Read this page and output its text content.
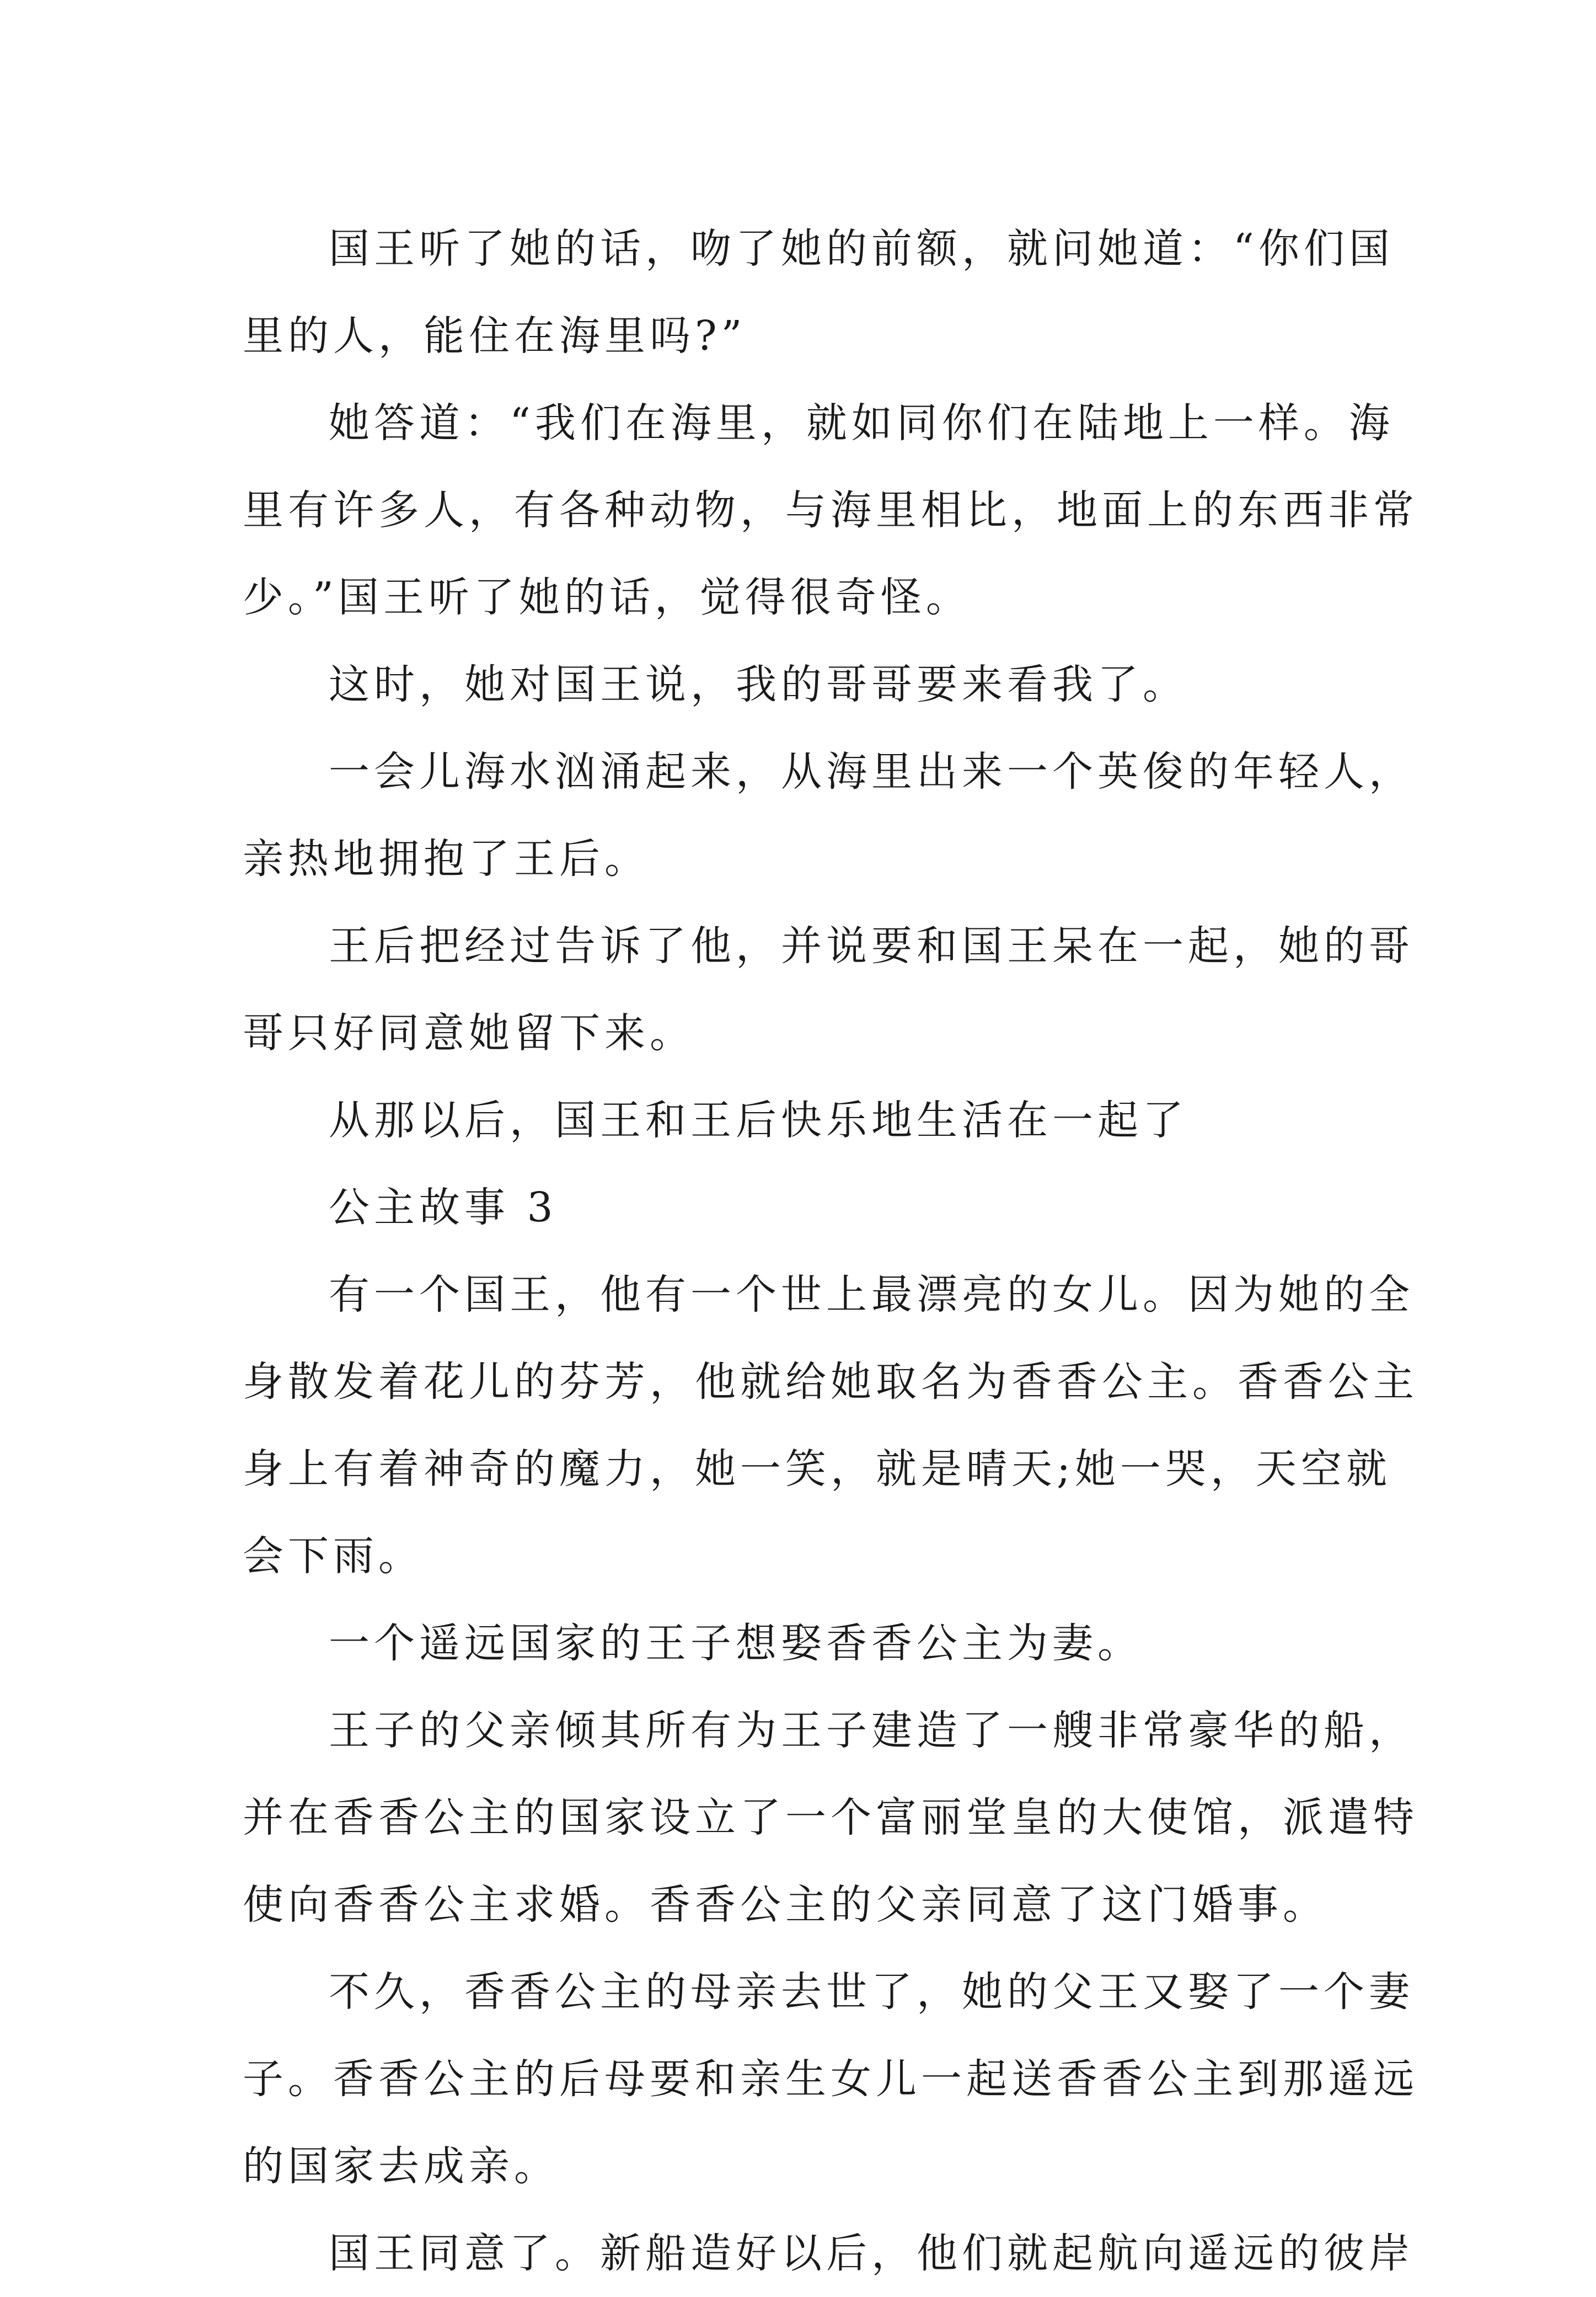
国王听了她的话，吻了她的前额，就问她道：“你们国
里的人，能住在海里吗?”
她答道：“我们在海里，就如同你们在陆地上一样。海
里有许多人，有各种动物，与海里相比，地面上的东西非常
少。”国王听了她的话，觉得很奇怪。
这时，她对国王说，我的哥哥要来看我了。
一会儿海水汹涌起来，从海里出来一个英俊的年轻人，
亲热地拥抱了王后。
王后把经过告诉了他，并说要和国王呆在一起，她的哥
哥只好同意她留下来。
从那以后，国王和王后快乐地生活在一起了
公主故事 3
有一个国王，他有一个世上最漂亮的女儿。因为她的全
身散发着花儿的芬芳，他就给她取名为香香公主。香香公主
身上有着神奇的魔力，她一笑，就是晴天;她一哭，天空就
会下雨。
一个遥远国家的王子想娶香香公主为妻。
王子的父亲倾其所有为王子建造了一艘非常豪华的船，
并在香香公主的国家设立了一个富丽堂皇的大使馆，派遣特
使向香香公主求婚。香香公主的父亲同意了这门婚事。
不久，香香公主的母亲去世了，她的父王又娶了一个妻
子。香香公主的后母要和亲生女儿一起送香香公主到那遥远
的国家去成亲。
国王同意了。新船造好以后，他们就起航向遥远的彼岸
